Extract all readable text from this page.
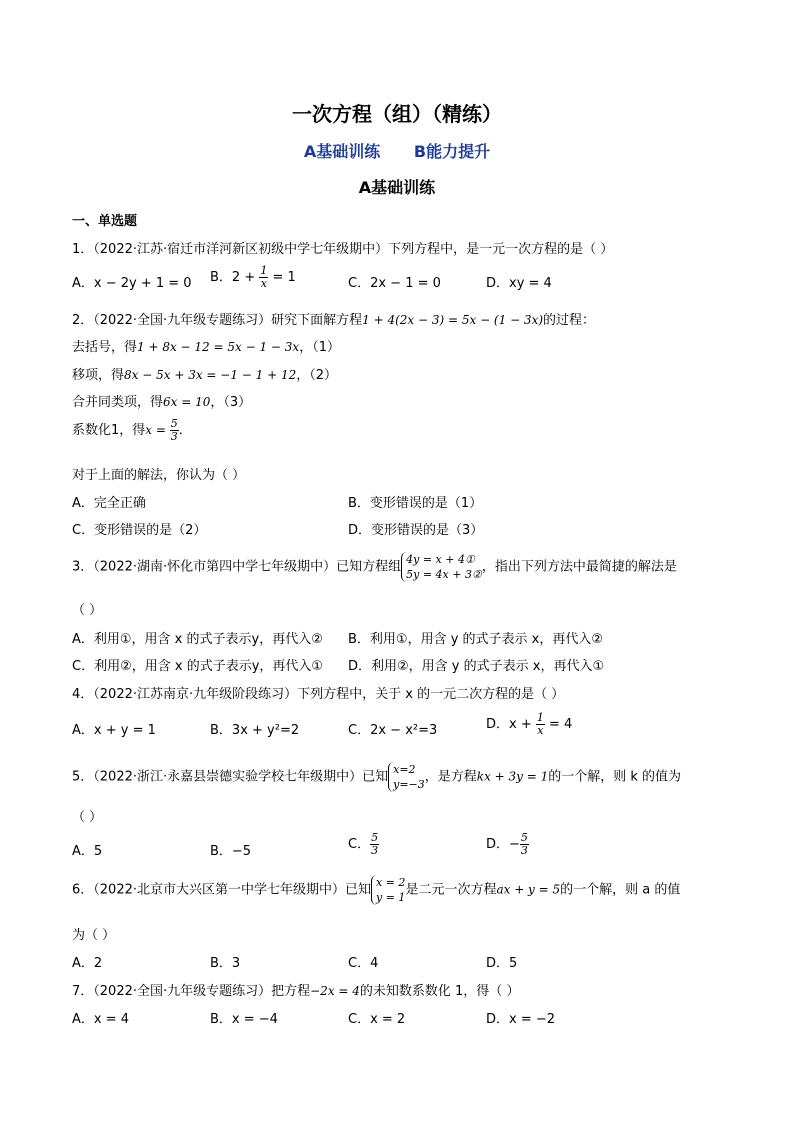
一次方程（组）（精练）
A基础训练 B能力提升
A基础训练
一、单选题
1．（2022·江苏·宿迁市洋河新区初级中学七年级期中）下列方程中，是一元一次方程的是（ ）
A．x − 2y + 1 = 0 B．$2 + \frac{1}{x} = 1$	C．2x − 1 = 0	D．xy = 4
2．（2022·全国·九年级专题练习）研究下面解方程1 + 4(2x − 3) = 5x − (1 − 3x)的过程：
去括号，得1 + 8x − 12 = 5x − 1 − 3x，（1）
移项，得8x − 5x + 3x = −1 − 1 + 12，（2）
合并同类项，得6x = 10，（3）
系数化1，得$x = \frac{5}{3}$ ．
对于上面的解法，你认为（ ）
A．完全正确	B．变形错误的是（1）
C．变形错误的是（2）	D．变形错误的是（3）
3．（2022·湖南·怀化市第四中学七年级期中）已知方程组 4y = x + 4①
5y = 4x + 3② ，指出下列方法中最简捷的解法是
（ ）
A．利用①，用含 x 的式子表示y，再代入② B．利用①，用含 y 的式子表示 x，再代入②
C．利用②，用含 x 的式子表示y，再代入① D．利用②，用含 y 的式子表示 x，再代入①
4．（2022·江苏南京·九年级阶段练习）下列方程中，关于 x 的一元二次方程的是（ ）
A．x + y = 1	B．3x + y²=2	C．2x − x²=3	D．$x + \frac{1}{x} = 4$
5．（2022·浙江·永嘉县崇德实验学校七年级期中）已知 x=2
y=−3 ，是方程kx + 3y = 1的一个解，则 k 的值为
（ ）
A．5	B．−5	C． $\frac{5}{3}$	D．− $\frac{5}{3}$
6．（2022·北京市大兴区第一中学七年级期中）已知 x = 2
y = 1 是二元一次方程ax + y = 5的一个解，则 a 的值
为（ ）
A．2	B．3	C．4	D．5
7．（2022·全国·九年级专题练习）把方程−2x = 4的未知数系数化 1，得（ ）
A．x = 4	B．x = −4	C．x = 2	D．x = −2
